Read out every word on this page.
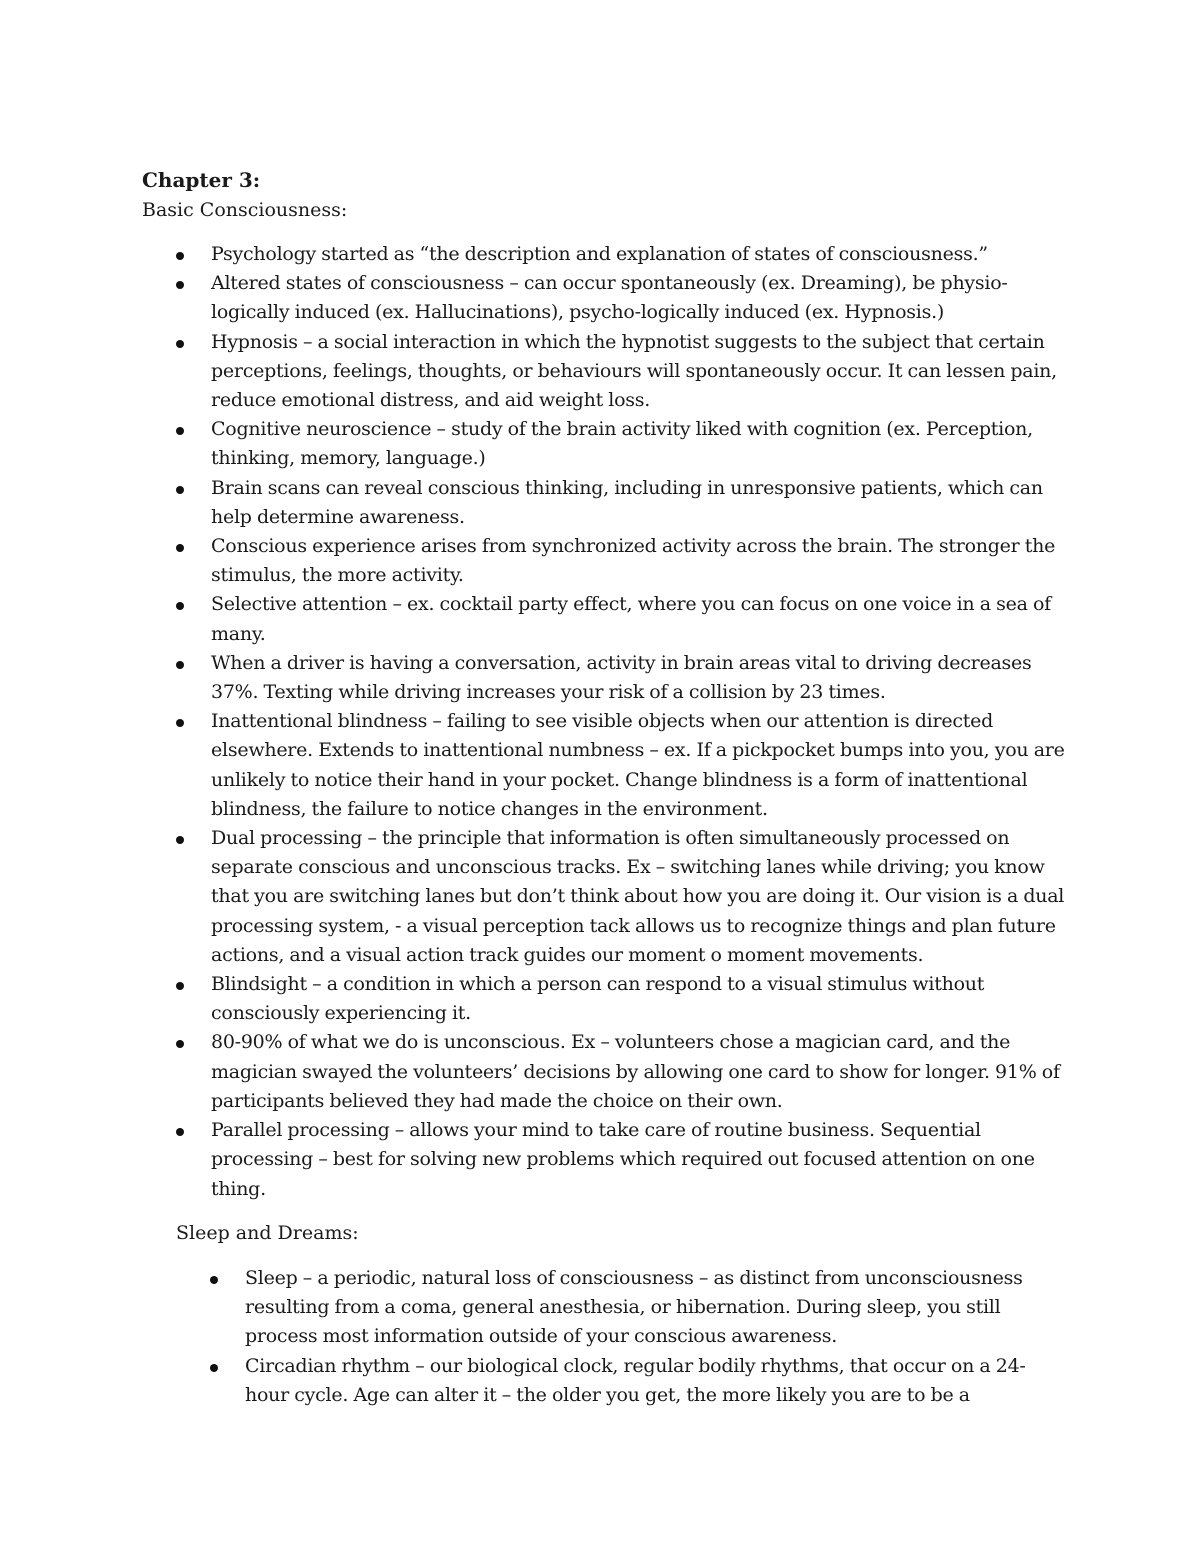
Chapter 3:
Basic Consciousness:
Psychology started as “the description and explanation of states of consciousness.”
Altered states of consciousness – can occur spontaneously (ex. Dreaming), be physio-logically induced (ex. Hallucinations), psycho-logically induced (ex. Hypnosis.)
Hypnosis – a social interaction in which the hypnotist suggests to the subject that certain perceptions, feelings, thoughts, or behaviours will spontaneously occur. It can lessen pain, reduce emotional distress, and aid weight loss.
Cognitive neuroscience – study of the brain activity liked with cognition (ex. Perception, thinking, memory, language.)
Brain scans can reveal conscious thinking, including in unresponsive patients, which can help determine awareness.
Conscious experience arises from synchronized activity across the brain. The stronger the stimulus, the more activity.
Selective attention – ex. cocktail party effect, where you can focus on one voice in a sea of many.
When a driver is having a conversation, activity in brain areas vital to driving decreases 37%. Texting while driving increases your risk of a collision by 23 times.
Inattentional blindness – failing to see visible objects when our attention is directed elsewhere. Extends to inattentional numbness – ex. If a pickpocket bumps into you, you are unlikely to notice their hand in your pocket. Change blindness is a form of inattentional blindness, the failure to notice changes in the environment.
Dual processing – the principle that information is often simultaneously processed on separate conscious and unconscious tracks. Ex – switching lanes while driving; you know that you are switching lanes but don’t think about how you are doing it. Our vision is a dual processing system, - a visual perception tack allows us to recognize things and plan future actions, and a visual action track guides our moment o moment movements.
Blindsight – a condition in which a person can respond to a visual stimulus without consciously experiencing it.
80-90% of what we do is unconscious. Ex – volunteers chose a magician card, and the magician swayed the volunteers’ decisions by allowing one card to show for longer. 91% of participants believed they had made the choice on their own.
Parallel processing – allows your mind to take care of routine business. Sequential processing – best for solving new problems which required out focused attention on one thing.
Sleep and Dreams:
Sleep – a periodic, natural loss of consciousness – as distinct from unconsciousness resulting from a coma, general anesthesia, or hibernation. During sleep, you still process most information outside of your conscious awareness.
Circadian rhythm – our biological clock, regular bodily rhythms, that occur on a 24-hour cycle. Age can alter it – the older you get, the more likely you are to be a
